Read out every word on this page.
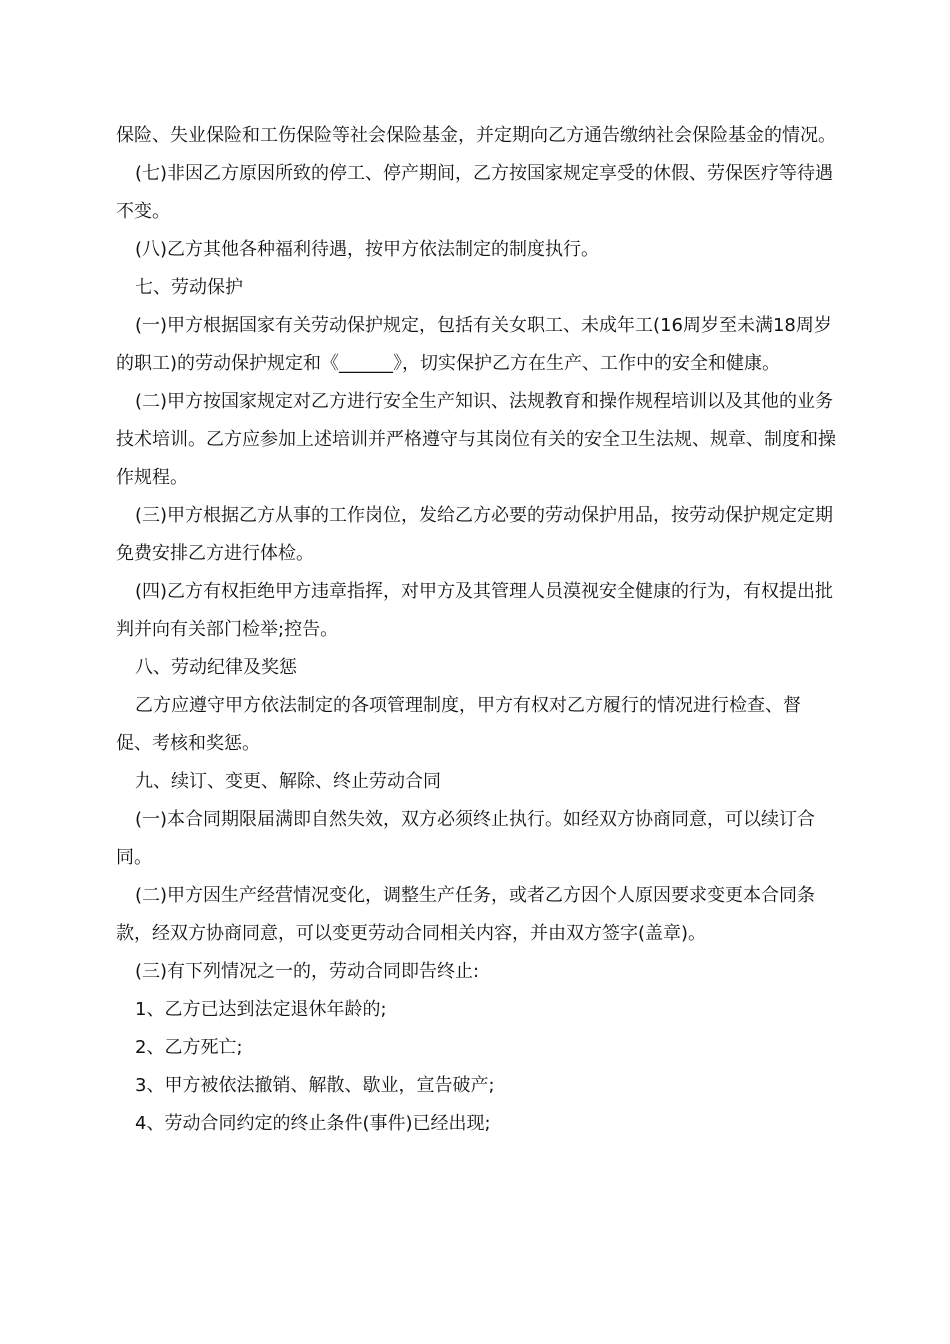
保险、失业保险和工伤保险等社会保险基金，并定期向乙方通告缴纳社会保险基金的情况。

(七)非因乙方原因所致的停工、停产期间，乙方按国家规定享受的休假、劳保医疗等待遇不变。

(八)乙方其他各种福利待遇，按甲方依法制定的制度执行。

七、劳动保护

(一)甲方根据国家有关劳动保护规定，包括有关女职工、未成年工(16周岁至未满18周岁的职工)的劳动保护规定和《______》，切实保护乙方在生产、工作中的安全和健康。

(二)甲方按国家规定对乙方进行安全生产知识、法规教育和操作规程培训以及其他的业务技术培训。乙方应参加上述培训并严格遵守与其岗位有关的安全卫生法规、规章、制度和操作规程。

(三)甲方根据乙方从事的工作岗位，发给乙方必要的劳动保护用品，按劳动保护规定定期免费安排乙方进行体检。

(四)乙方有权拒绝甲方违章指挥，对甲方及其管理人员漠视安全健康的行为，有权提出批判并向有关部门检举;控告。

八、劳动纪律及奖惩

乙方应遵守甲方依法制定的各项管理制度，甲方有权对乙方履行的情况进行检查、督促、考核和奖惩。

九、续订、变更、解除、终止劳动合同

(一)本合同期限届满即自然失效，双方必须终止执行。如经双方协商同意，可以续订合同。

(二)甲方因生产经营情况变化，调整生产任务，或者乙方因个人原因要求变更本合同条款，经双方协商同意，可以变更劳动合同相关内容，并由双方签字(盖章)。

(三)有下列情况之一的，劳动合同即告终止:

1、乙方已达到法定退休年龄的;

2、乙方死亡;

3、甲方被依法撤销、解散、歇业，宣告破产;

4、劳动合同约定的终止条件(事件)已经出现;
